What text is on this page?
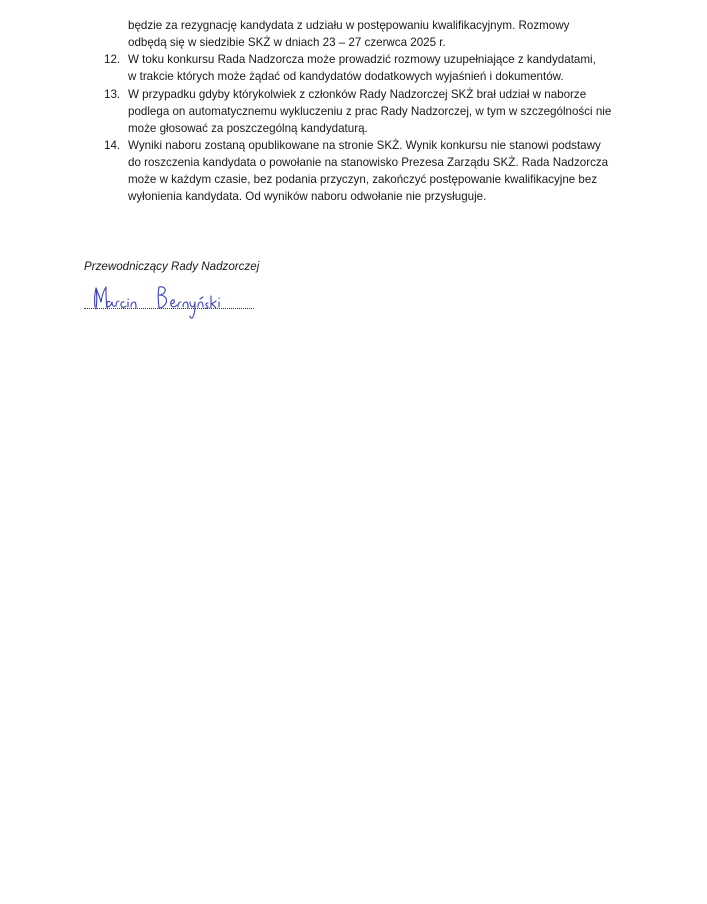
będzie za rezygnację kandydata z udziału w postępowaniu kwalifikacyjnym. Rozmowy
odbędą się w siedzibie SKŻ w dniach 23 – 27 czerwca 2025 r.
12. W toku konkursu Rada Nadzorcza może prowadzić rozmowy uzupełniające z kandydatami,
w trakcie których może żądać od kandydatów dodatkowych wyjaśnień i dokumentów.
13. W przypadku gdyby którykolwiek z członków Rady Nadzorczej SKŻ brał udział w naborze
podlega on automatycznemu wykluczeniu z prac Rady Nadzorczej, w tym w szczególności nie
może głosować za poszczególną kandydaturą.
14. Wyniki naboru zostaną opublikowane na stronie SKŻ. Wynik konkursu nie stanowi podstawy
do roszczenia kandydata o powołanie na stanowisko Prezesa Zarządu SKŻ. Rada Nadzorcza
może w każdym czasie, bez podania przyczyn, zakończyć postępowanie kwalifikacyjne bez
wyłonienia kandydata. Od wyników naboru odwołanie nie przysługuje.
Przewodniczący Rady Nadzorczej
